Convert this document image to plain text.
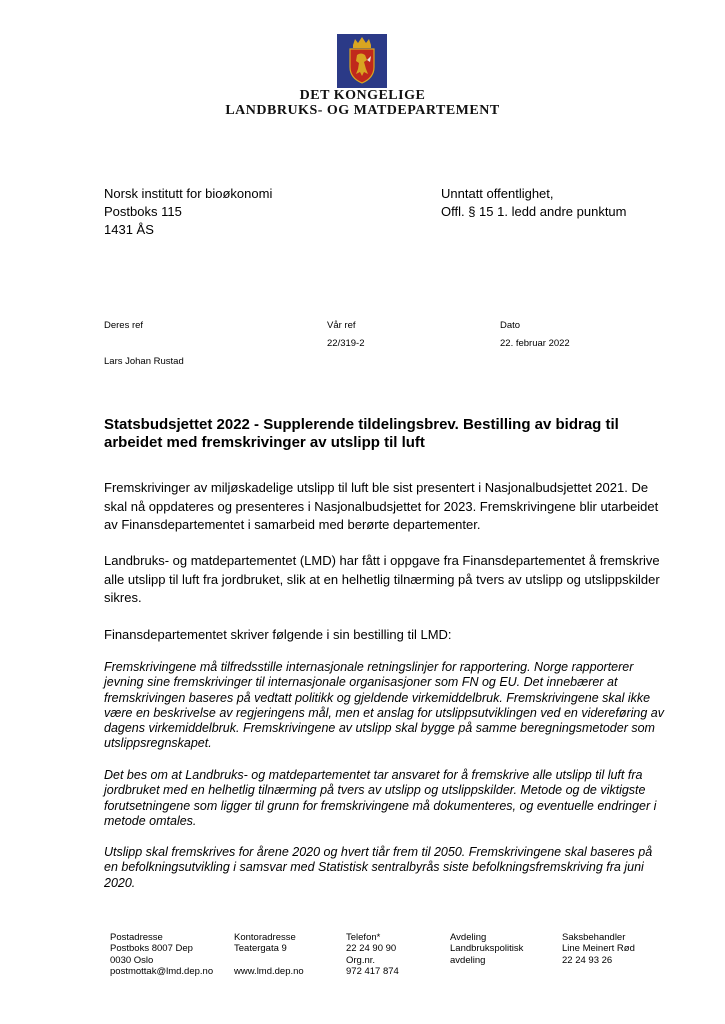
DET KONGELIGE
LANDBRUKS- OG MATDEPARTEMENT
Norsk institutt for bioøkonomi
Postboks 115
1431 ÅS
Unntatt offentlighet,
Offl. § 15 1. ledd andre punktum
Deres ref
Lars Johan Rustad
Vår ref
22/319-2
Dato
22. februar 2022
Statsbudsjettet 2022 - Supplerende tildelingsbrev. Bestilling av bidrag til arbeidet med fremskrivinger av utslipp til luft

Fremskrivinger av miljøskadelige utslipp til luft ble sist presentert i Nasjonalbudsjettet 2021. De skal nå oppdateres og presenteres i Nasjonalbudsjettet for 2023. Fremskrivingene blir utarbeidet av Finansdepartementet i samarbeid med berørte departementer.

Landbruks- og matdepartementet (LMD) har fått i oppgave fra Finansdepartementet å fremskrive alle utslipp til luft fra jordbruket, slik at en helhetlig tilnærming på tvers av utslipp og utslippskilder sikres.

Finansdepartementet skriver følgende i sin bestilling til LMD:

Fremskrivingene må tilfredsstille internasjonale retningslinjer for rapportering. Norge rapporterer jevning sine fremskrivinger til internasjonale organisasjoner som FN og EU. Det innebærer at fremskrivingen baseres på vedtatt politikk og gjeldende virkemiddelbruk. Fremskrivingene skal ikke være en beskrivelse av regjeringens mål, men et anslag for utslippsutviklingen ved en videreføring av dagens virkemiddelbruk. Fremskrivingene av utslipp skal bygge på samme beregningsmetoder som utslippsregnskapet.

Det bes om at Landbruks- og matdepartementet tar ansvaret for å fremskrive alle utslipp til luft fra jordbruket med en helhetlig tilnærming på tvers av utslipp og utslippskilder. Metode og de viktigste forutsetningene som ligger til grunn for fremskrivingene må dokumenteres, og eventuelle endringer i metode omtales.

Utslipp skal fremskrives for årene 2020 og hvert tiår frem til 2050. Fremskrivingene skal baseres på en befolkningsutvikling i samsvar med Statistisk sentralbyrås siste befolkningsfremskriving fra juni 2020.

Postadresse
Postboks 8007 Dep
0030 Oslo
postmottak@lmd.dep.no
Kontoradresse
Teatergata 9

www.lmd.dep.no
Telefon*
22 24 90 90
Org.nr.
972 417 874
Avdeling
Landbrukspolitisk
avdeling
Saksbehandler
Line Meinert Rød
22 24 93 26
